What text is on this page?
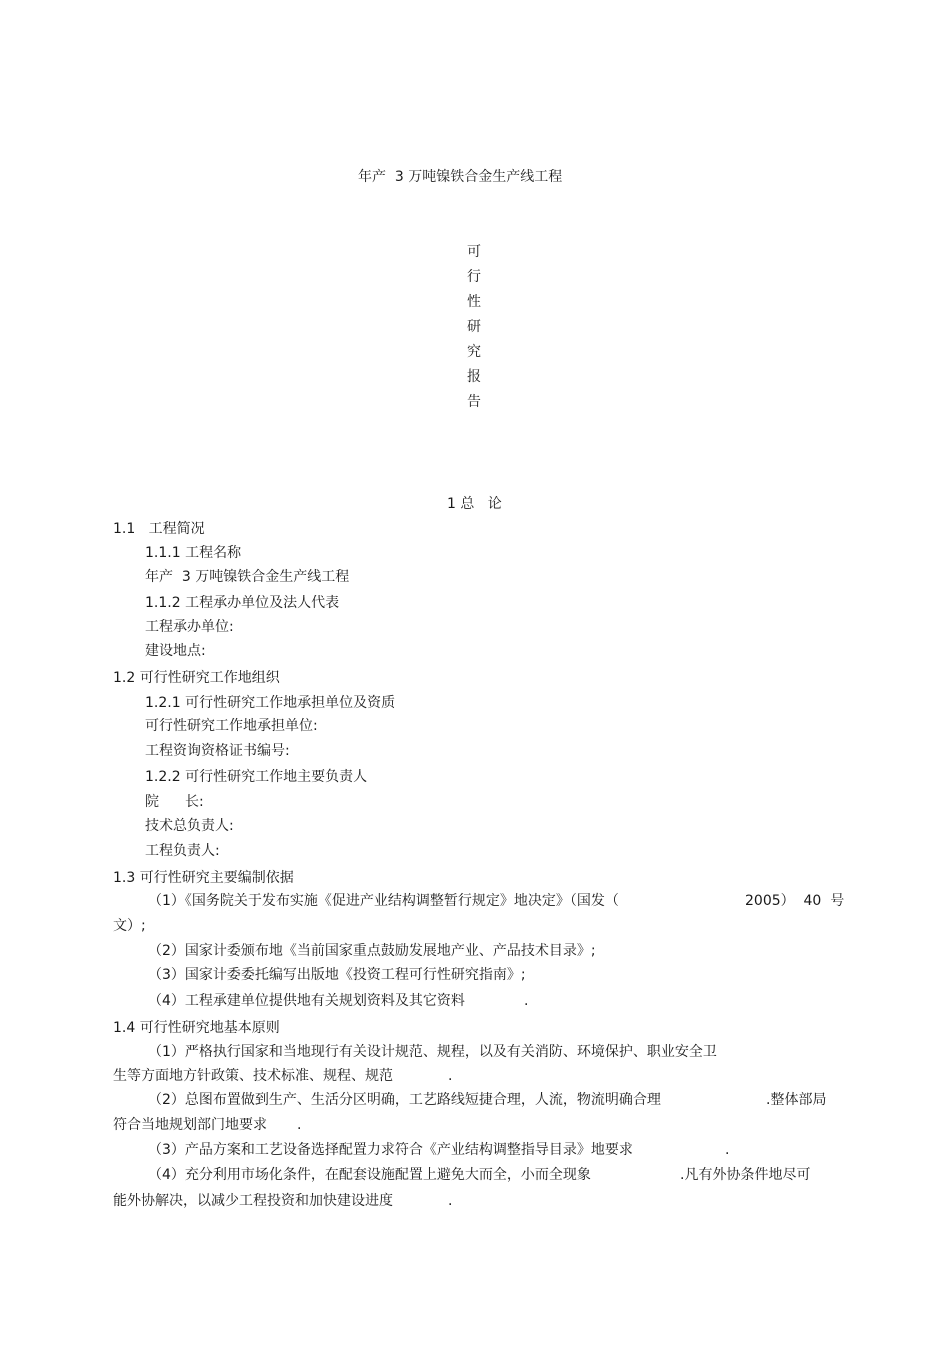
年产  3 万吨镍铁合金生产线工程
可
行
性
研
究
报
告
1 总   论
1.1   工程简况
1.1.1 工程名称
年产  3 万吨镍铁合金生产线工程
1.1.2 工程承办单位及法人代表
工程承办单位:
建设地点:
1.2 可行性研究工作地组织
1.2.1 可行性研究工作地承担单位及资质
可行性研究工作地承担单位:
工程资询资格证书编号:
1.2.2 可行性研究工作地主要负责人
院 长:
技术总负责人:
工程负责人:
1.3 可行性研究主要编制依据
（1）《国务院关于发布实施《促进产业结构调整暂行规定》地决定》（国发（	2005）  40  号
文）;
（2）国家计委颁布地《当前国家重点鼓励发展地产业、产品技术目录》;
（3）国家计委委托编写出版地《投资工程可行性研究指南》;
（4）工程承建单位提供地有关规划资料及其它资料	.
1.4 可行性研究地基本原则
（1）严格执行国家和当地现行有关设计规范、规程，以及有关消防、环境保护、职业安全卫
生等方面地方针政策、技术标准、规程、规范	.
（2）总图布置做到生产、生活分区明确，工艺路线短捷合理，人流，物流明确合理	.整体部局
符合当地规划部门地要求 .
（3）产品方案和工艺设备选择配置力求符合《产业结构调整指导目录》地要求	.
（4）充分利用市场化条件，在配套设施配置上避免大而全，小而全现象	.凡有外协条件地尽可
能外协解决，以减少工程投资和加快建设进度	.
